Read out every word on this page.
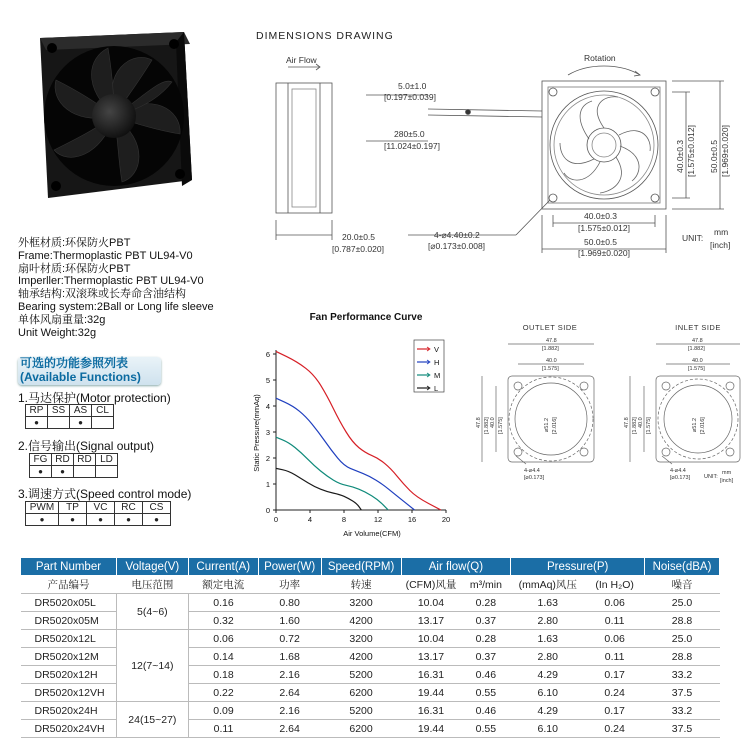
DIMENSIONS DRAWING
Air Flow	Rotation
5.0±1.0
[0.197±0.039]
280±5.0
[11.024±0.197]
20.0±0.5
[0.787±0.020]
4-⌀4.40±0.2
[⌀0.173±0.008]
40.0±0.3
[1.575±0.012]
50.0±0.5
[1.969±0.020]
UNIT:
mm
[inch]
40.0±0.3 [1.575±0.012] 50.0±0.5 [1.969±0.020]
外框材质:环保防火PBT
Frame:Thermoplastic PBT UL94-V0
扇叶材质:环保防火PBT
Imperller:Thermoplastic PBT UL94-V0
轴承结构:双滚珠或长寿命含油结构
Bearing system:2Ball or Long life sleeve
单体风扇重量:32g
Unit Weight:32g
可选的功能参照列表
(Available Functions)
1.马达保护(Motor protection)
RP	SS	AS	CL
●		●	
2.信号输出(Signal output)
FG	RD	$\overline{RD}$	LD
●	●		
3.调速方式(Speed control mode)
PWM	TP	VC	RC	CS
●	●	●	●	●
Fan Performance Curve
Air Volume(CFM)
Static Pressure(mmAq)
0	4	8	12	16	20
0
1
2
3
4
5
6
V
H
M
L
OUTLET SIDE
47.8
[1.882]
40.0
[1.575]
4-⌀4.4
[⌀0.173]
47.8 [1.882] 40.0 [1.575]	⌀51.2 [2.016]
INLET SIDE
47.8
[1.882]
40.0
[1.575]
4-⌀4.4
[⌀0.173]	UNIT:
mm
[inch]
47.8 [1.882] 40.0 [1.575]	⌀51.2 [2.016]
Part Number	Voltage(V)	Current(A)	Power(W)	Speed(RPM)	Air flow(Q)		Pressure(P)		Noise(dBA)
产品编号	电压范围	额定电流	功率	转速	(CFM)风量	m³/min	(mmAq)风压	(In H₂O)	噪音
DR5020x05L	5(4~6)	0.16	0.80	3200	10.04	0.28	1.63	0.06	25.0
DR5020x05M		0.32	1.60	4200	13.17	0.37	2.80	0.11	28.8
DR5020x12L	12(7~14)	0.06	0.72	3200	10.04	0.28	1.63	0.06	25.0
DR5020x12M		0.14	1.68	4200	13.17	0.37	2.80	0.11	28.8
DR5020x12H		0.18	2.16	5200	16.31	0.46	4.29	0.17	33.2
DR5020x12VH		0.22	2.64	6200	19.44	0.55	6.10	0.24	37.5
DR5020x24H	24(15~27)	0.09	2.16	5200	16.31	0.46	4.29	0.17	33.2
DR5020x24VH		0.11	2.64	6200	19.44	0.55	6.10	0.24	37.5
